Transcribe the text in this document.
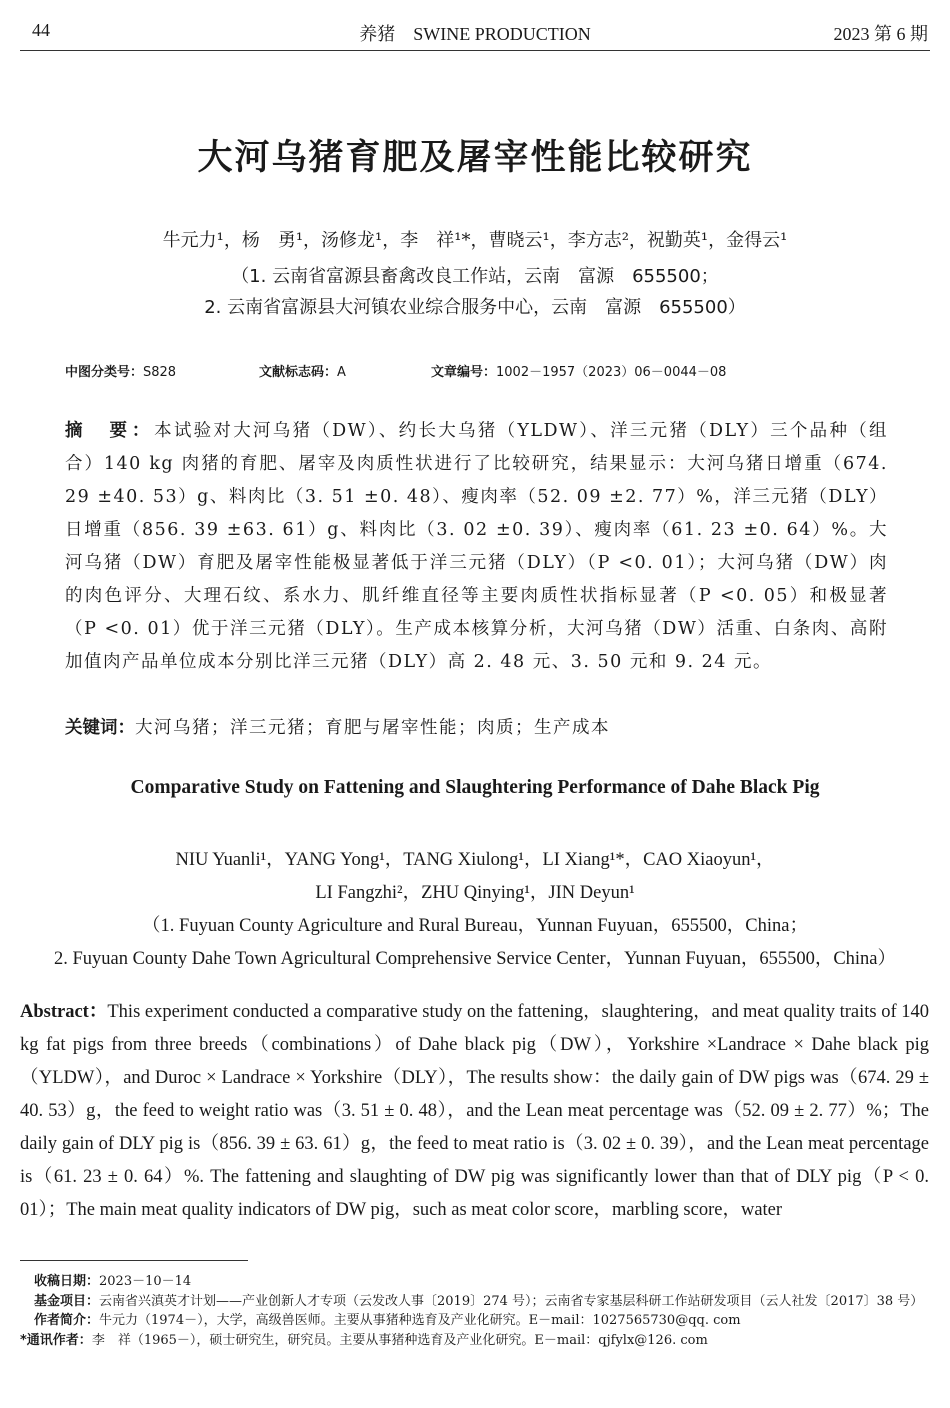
44	养猪　SWINE PRODUCTION	2023 第 6 期
大河乌猪育肥及屠宰性能比较研究
牛元力¹，杨　勇¹，汤修龙¹，李　祥¹*，曹晓云¹，李方志²，祝勤英¹，金得云¹
（1. 云南省富源县畜禽改良工作站，云南　富源　655500；
2. 云南省富源县大河镇农业综合服务中心，云南　富源　655500）
中图分类号：S828	文献标志码：A	文章编号：1002－1957（2023）06－0044－08
摘　要：本试验对大河乌猪（DW）、约长大乌猪（YLDW）、洋三元猪（DLY）三个品种（组合）140 kg 肉猪的育肥、屠宰及肉质性状进行了比较研究，结果显示：大河乌猪日增重（674. 29 ±40. 53）g、料肉比（3. 51 ±0. 48）、瘦肉率（52. 09 ±2. 77）%，洋三元猪（DLY）日增重（856. 39 ±63. 61）g、料肉比（3. 02 ±0. 39）、瘦肉率（61. 23 ±0. 64）%。大河乌猪（DW）育肥及屠宰性能极显著低于洋三元猪（DLY）（P <0. 01）；大河乌猪（DW）肉的肉色评分、大理石纹、系水力、肌纤维直径等主要肉质性状指标显著（P <0. 05）和极显著（P <0. 01）优于洋三元猪（DLY）。生产成本核算分析，大河乌猪（DW）活重、白条肉、高附加值肉产品单位成本分别比洋三元猪（DLY）高 2. 48 元、3. 50 元和 9. 24 元。
关键词：大河乌猪；洋三元猪；育肥与屠宰性能；肉质；生产成本
Comparative Study on Fattening and Slaughtering Performance of Dahe Black Pig
NIU Yuanli¹，YANG Yong¹，TANG Xiulong¹，LI Xiang¹*，CAO Xiaoyun¹，
LI Fangzhi²，ZHU Qinying¹，JIN Deyun¹
（1. Fuyuan County Agriculture and Rural Bureau，Yunnan Fuyuan，655500，China；
2. Fuyuan County Dahe Town Agricultural Comprehensive Service Center，Yunnan Fuyuan，655500，China）
Abstract：This experiment conducted a comparative study on the fattening，slaughtering，and meat quality traits of 140 kg fat pigs from three breeds（combinations）of Dahe black pig（DW），Yorkshire ×Landrace × Dahe black pig（YLDW），and Duroc × Landrace × Yorkshire（DLY），The results show：the daily gain of DW pigs was（674. 29 ± 40. 53）g，the feed to weight ratio was（3. 51 ± 0. 48），and the Lean meat percentage was（52. 09 ± 2. 77）%；The daily gain of DLY pig is（856. 39 ± 63. 61）g，the feed to meat ratio is（3. 02 ± 0. 39），and the Lean meat percentage is（61. 23 ± 0. 64）%. The fattening and slaughting of DW pig was significantly lower than that of DLY pig（P < 0. 01）；The main meat quality indicators of DW pig，such as meat color score，marbling score，water

收稿日期：2023－10－14

基金项目：云南省兴滇英才计划——产业创新人才专项（云发改人事〔2019〕274 号）；云南省专家基层科研工作站研发项目（云人社发〔2017〕38 号）

作者简介：牛元力（1974－），大学，高级兽医师。主要从事猪种选育及产业化研究。E－mail：1027565730@qq. com

*通讯作者：李　祥（1965－），硕士研究生，研究员。主要从事猪种选育及产业化研究。E－mail：qjfylx@126. com
